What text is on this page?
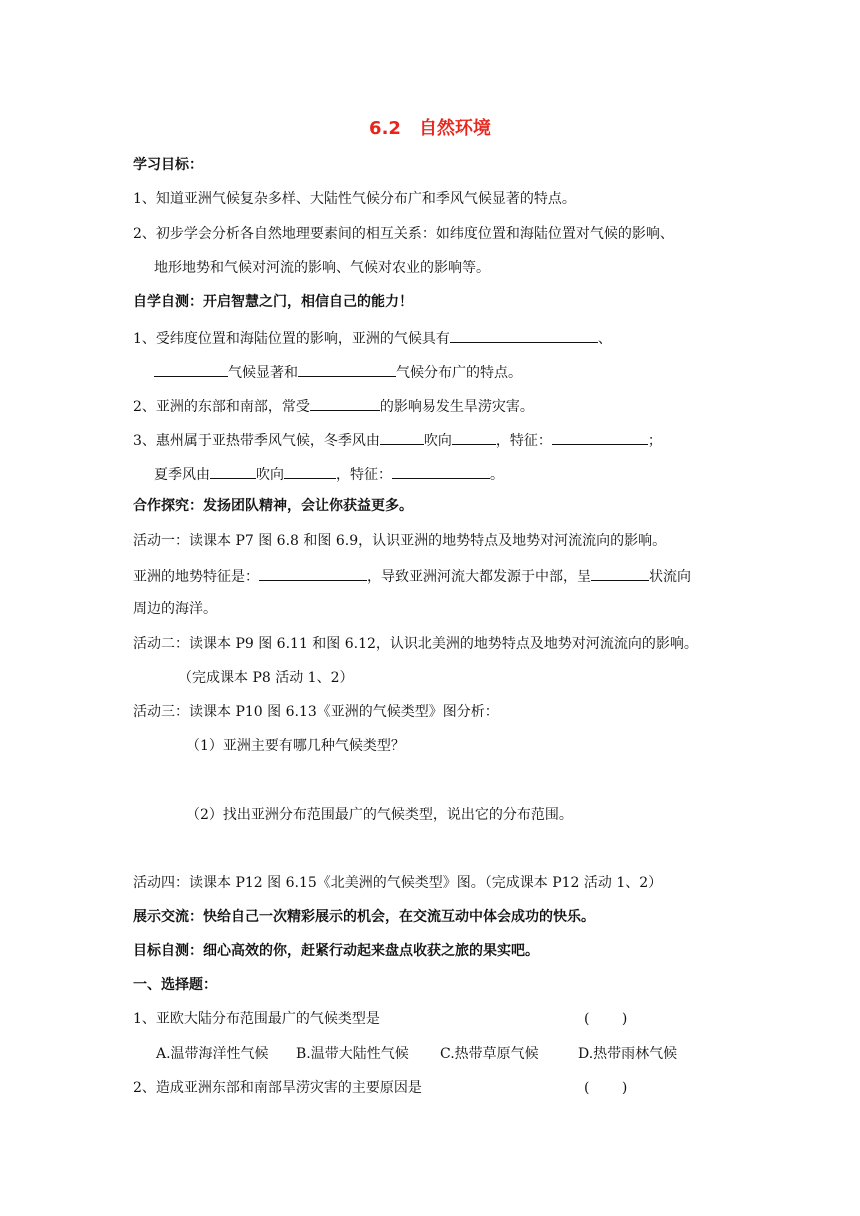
6.2 自然环境
学习目标：
1、知道亚洲气候复杂多样、大陆性气候分布广和季风气候显著的特点。
2、初步学会分析各自然地理要素间的相互关系：如纬度位置和海陆位置对气候的影响、
地形地势和气候对河流的影响、气候对农业的影响等。
自学自测：开启智慧之门，相信自己的能力！
1、受纬度位置和海陆位置的影响，亚洲的气候具有	、
气候显著和	气候分布广的特点。
2、亚洲的东部和南部，常受	的影响易发生旱涝灾害。
3、惠州属于亚热带季风气候，冬季风由	吹向	，特征：	；
夏季风由	吹向	，特征：	。
合作探究：发扬团队精神，会让你获益更多。
活动一：读课本 P7 图 6.8 和图 6.9，认识亚洲的地势特点及地势对河流流向的影响。
亚洲的地势特征是：	，导致亚洲河流大都发源于中部，呈	状流向
周边的海洋。
活动二：读课本 P9 图 6.11 和图 6.12，认识北美洲的地势特点及地势对河流流向的影响。
（完成课本 P8 活动 1、2）
活动三：读课本 P10 图 6.13《亚洲的气候类型》图分析：
（1）亚洲主要有哪几种气候类型？
（2）找出亚洲分布范围最广的气候类型，说出它的分布范围。
活动四：读课本 P12 图 6.15《北美洲的气候类型》图。（完成课本 P12 活动 1、2）
展示交流：快给自己一次精彩展示的机会，在交流互动中体会成功的快乐。
目标自测：细心高效的你，赶紧行动起来盘点收获之旅的果实吧。
一、选择题：
1、亚欧大陆分布范围最广的气候类型是	(　　 )
A.温带海洋性气候 B.温带大陆性气候 C.热带草原气候	D.热带雨林气候
2、造成亚洲东部和南部旱涝灾害的主要原因是	(　　 )
